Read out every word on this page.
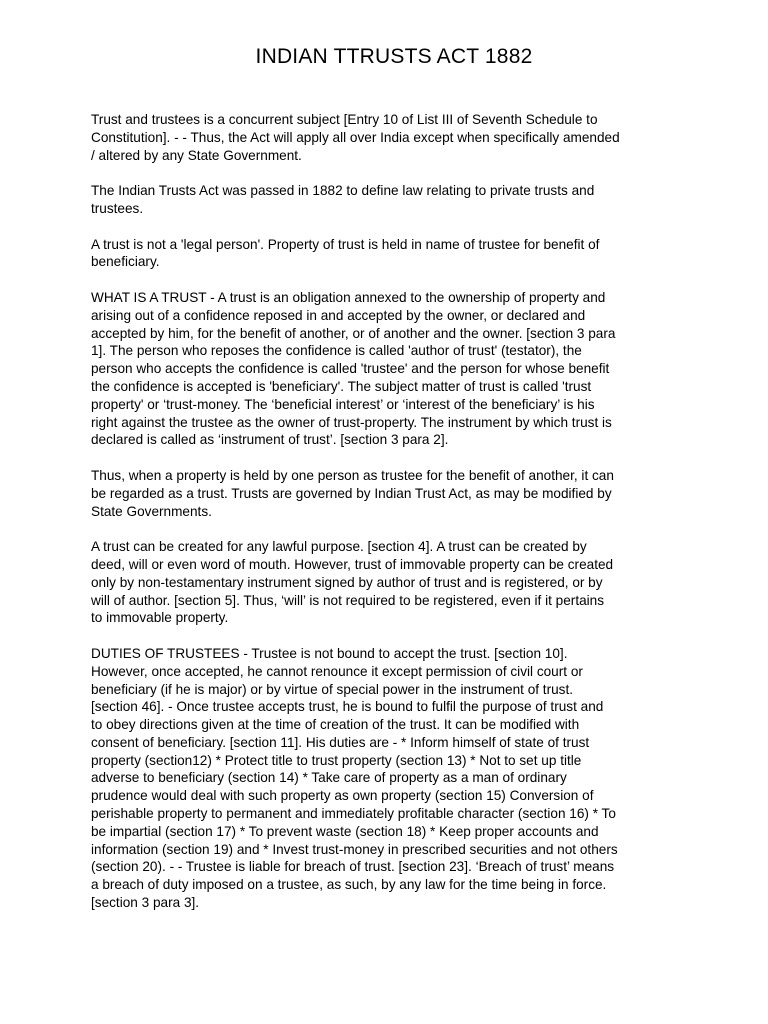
INDIAN TTRUSTS ACT 1882

Trust and trustees is a concurrent subject [Entry 10 of List III of Seventh Schedule to
Constitution]. - - Thus, the Act will apply all over India except when specifically amended
/ altered by any State Government.

The Indian Trusts Act was passed in 1882 to define law relating to private trusts and
trustees.

A trust is not a 'legal person'. Property of trust is held in name of trustee for benefit of
beneficiary.

WHAT IS A TRUST - A trust is an obligation annexed to the ownership of property and
arising out of a confidence reposed in and accepted by the owner, or declared and
accepted by him, for the benefit of another, or of another and the owner. [section 3 para
1]. The person who reposes the confidence is called 'author of trust' (testator), the
person who accepts the confidence is called 'trustee' and the person for whose benefit
the confidence is accepted is 'beneficiary'. The subject matter of trust is called 'trust
property' or ‘trust-money. The ‘beneficial interest’ or ‘interest of the beneficiary’ is his
right against the trustee as the owner of trust-property. The instrument by which trust is
declared is called as ‘instrument of trust’. [section 3 para 2].

Thus, when a property is held by one person as trustee for the benefit of another, it can
be regarded as a trust. Trusts are governed by Indian Trust Act, as may be modified by
State Governments.

A trust can be created for any lawful purpose. [section 4]. A trust can be created by
deed, will or even word of mouth. However, trust of immovable property can be created
only by non-testamentary instrument signed by author of trust and is registered, or by
will of author. [section 5]. Thus, ‘will’ is not required to be registered, even if it pertains
to immovable property.

DUTIES OF TRUSTEES - Trustee is not bound to accept the trust. [section 10].
However, once accepted, he cannot renounce it except permission of civil court or
beneficiary (if he is major) or by virtue of special power in the instrument of trust.
[section 46]. - Once trustee accepts trust, he is bound to fulfil the purpose of trust and
to obey directions given at the time of creation of the trust. It can be modified with
consent of beneficiary. [section 11]. His duties are - * Inform himself of state of trust
property (section12) * Protect title to trust property (section 13) * Not to set up title
adverse to beneficiary (section 14) * Take care of property as a man of ordinary
prudence would deal with such property as own property (section 15) Conversion of
perishable property to permanent and immediately profitable character (section 16) * To
be impartial (section 17) * To prevent waste (section 18) * Keep proper accounts and
information (section 19) and * Invest trust-money in prescribed securities and not others
(section 20). - - Trustee is liable for breach of trust. [section 23]. ‘Breach of trust’ means
a breach of duty imposed on a trustee, as such, by any law for the time being in force.
[section 3 para 3].
